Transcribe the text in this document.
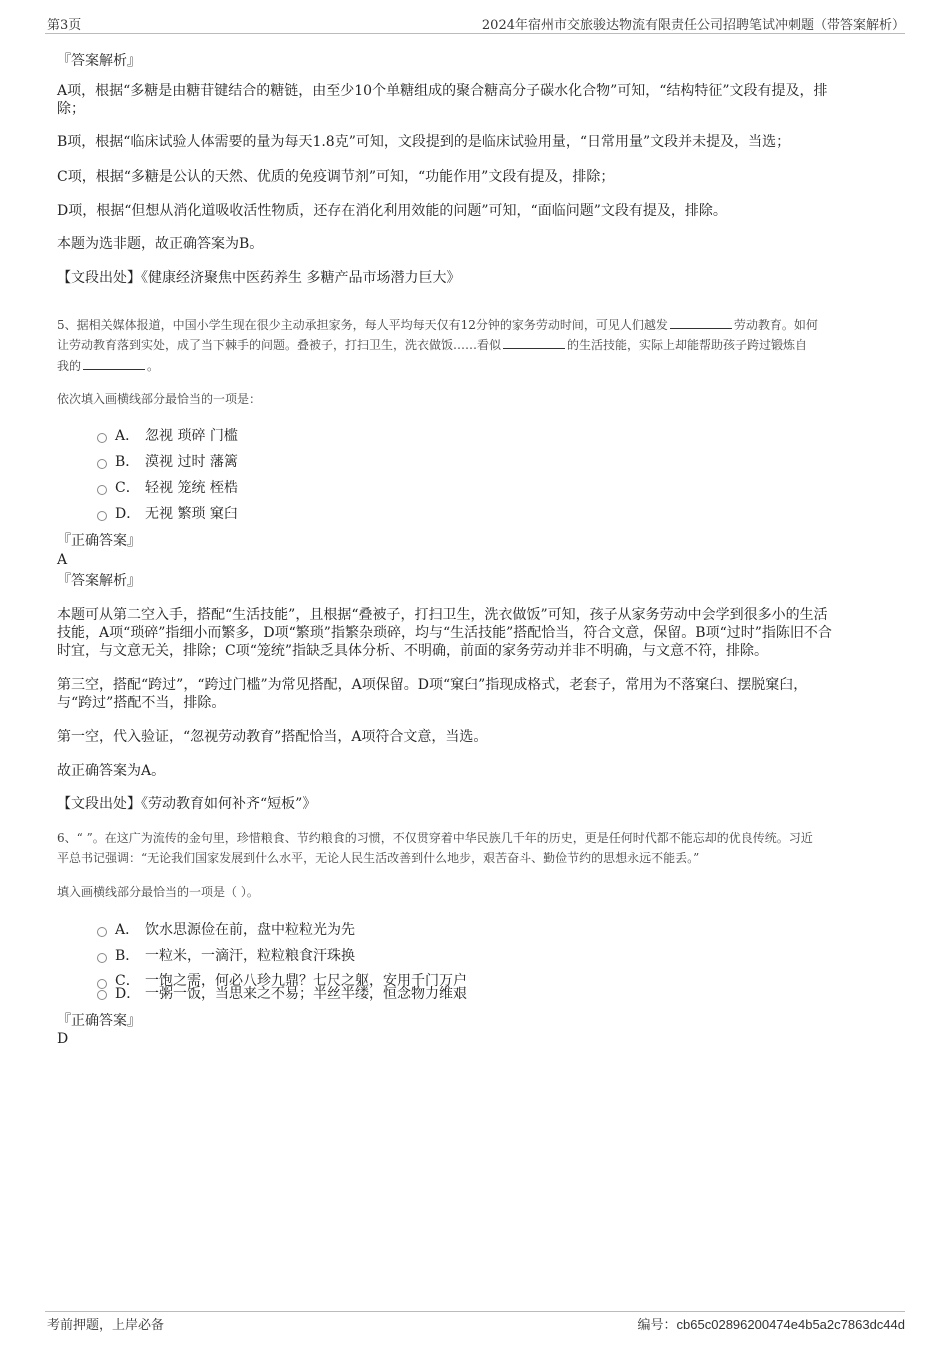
第3页	2024年宿州市交旅骏达物流有限责任公司招聘笔试冲刺题（带答案解析）
『答案解析』
A项，根据“多糖是由糖苷键结合的糖链，由至少10个单糖组成的聚合糖高分子碳水化合物”可知，“结构特征”文段有提及，排
除；
B项，根据“临床试验人体需要的量为每天1.8克”可知，文段提到的是临床试验用量，“日常用量”文段并未提及，当选；
C项，根据“多糖是公认的天然、优质的免疫调节剂”可知，“功能作用”文段有提及，排除；
D项，根据“但想从消化道吸收活性物质，还存在消化利用效能的问题”可知，“面临问题”文段有提及，排除。
本题为选非题，故正确答案为B。
【文段出处】《健康经济聚焦中医药养生 多糖产品市场潜力巨大》
5、据相关媒体报道，中国小学生现在很少主动承担家务，每人平均每天仅有12分钟的家务劳动时间，可见人们越发	劳动教育。如何
让劳动教育落到实处，成了当下棘手的问题。叠被子，打扫卫生，洗衣做饭……看似	的生活技能，实际上却能帮助孩子跨过锻炼自
我的	。
依次填入画横线部分最恰当的一项是：
A． 忽视 琐碎 门槛
B． 漠视 过时 藩篱
C． 轻视 笼统 桎梏
D． 无视 繁琐 窠臼
『正确答案』
A
『答案解析』
本题可从第二空入手，搭配“生活技能”，且根据“叠被子，打扫卫生，洗衣做饭”可知，孩子从家务劳动中会学到很多小的生活
技能，A项“琐碎”指细小而繁多，D项“繁琐”指繁杂琐碎，均与“生活技能”搭配恰当，符合文意，保留。B项“过时”指陈旧不合
时宜，与文意无关，排除；C项“笼统”指缺乏具体分析、不明确，前面的家务劳动并非不明确，与文意不符，排除。
第三空，搭配“跨过”，“跨过门槛”为常见搭配，A项保留。D项“窠臼”指现成格式，老套子，常用为不落窠臼、摆脱窠臼，
与“跨过”搭配不当，排除。
第一空，代入验证，“忽视劳动教育”搭配恰当，A项符合文意，当选。
故正确答案为A。
【文段出处】《劳动教育如何补齐“短板”》
6、“ ”。在这广为流传的金句里，珍惜粮食、节约粮食的习惯，不仅贯穿着中华民族几千年的历史，更是任何时代都不能忘却的优良传统。习近
平总书记强调：“无论我们国家发展到什么水平，无论人民生活改善到什么地步，艰苦奋斗、勤俭节约的思想永远不能丢。”
填入画横线部分最恰当的一项是（ ）。
A． 饮水思源俭在前，盘中粒粒光为先
B． 一粒米，一滴汗，粒粒粮食汗珠换
C． 一饱之需，何必八珍九鼎？七尺之躯，安用千门万户
D． 一粥一饭，当思来之不易；半丝半缕，恒念物力维艰
『正确答案』
D
考前押题，上岸必备	编号：cb65c02896200474e4b5a2c7863dc44d
